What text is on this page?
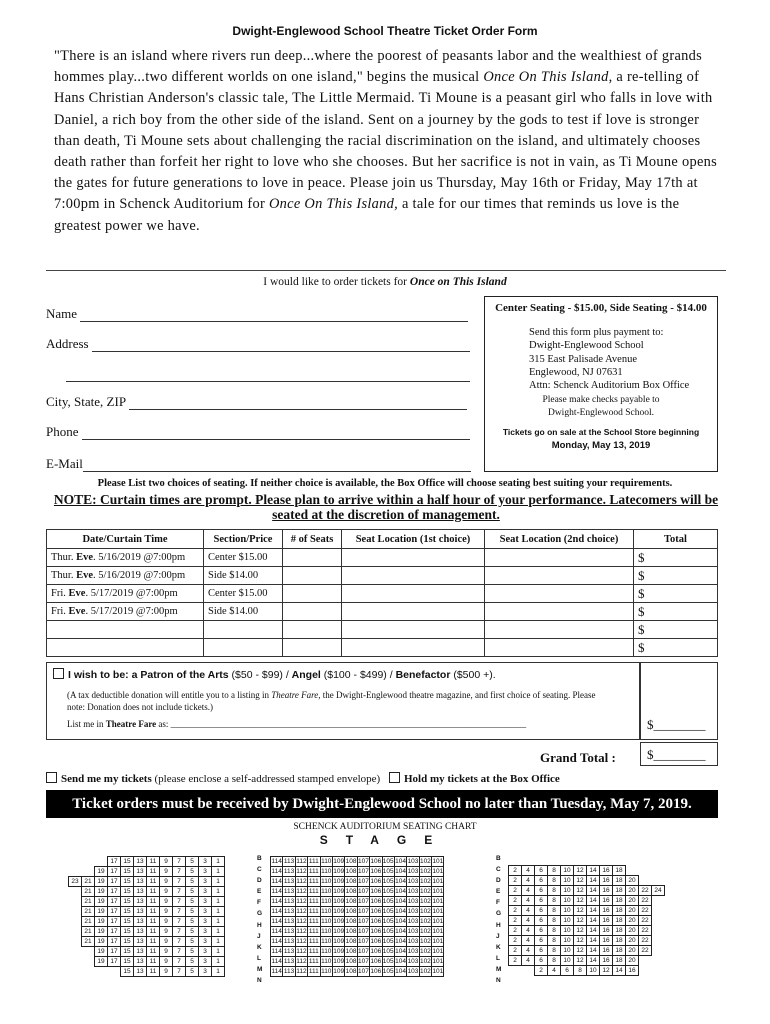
Dwight-Englewood School Theatre Ticket Order Form
"There is an island where rivers run deep...where the poorest of peasants labor and the wealthiest of grands hommes play...two different worlds on one island," begins the musical Once On This Island, a re-telling of Hans Christian Anderson's classic tale, The Little Mermaid. Ti Moune is a peasant girl who falls in love with Daniel, a rich boy from the other side of the island. Sent on a journey by the gods to test if love is stronger than death, Ti Moune sets about challenging the racial discrimination on the island, and ultimately chooses death rather than forfeit her right to love who she chooses. But her sacrifice is not in vain, as Ti Moune opens the gates for future generations to love in peace. Please join us Thursday, May 16th or Friday, May 17th at 7:00pm in Schenck Auditorium for Once On This Island, a tale for our times that reminds us love is the greatest power we have.
I would like to order tickets for Once on This Island
Name
Address
City, State, ZIP
Phone
E-Mail
Center Seating - $15.00, Side Seating - $14.00
Send this form plus payment to:
Dwight-Englewood School
315 East Palisade Avenue
Englewood, NJ 07631
Attn: Schenck Auditorium Box Office
Please make checks payable to
Dwight-Englewood School.
Tickets go on sale at the School Store beginning
Monday, May 13, 2019
Please List two choices of seating. If neither choice is available, the Box Office will choose seating best suiting your requirements.
NOTE: Curtain times are prompt. Please plan to arrive within a half hour of your performance. Latecomers will be seated at the discretion of management.
Date/Curtain Time	Section/Price	# of Seats	Seat Location (1st choice)	Seat Location (2nd choice)	Total
Thur. Eve. 5/16/2019 @7:00pm	Center $15.00				$
Thur. Eve. 5/16/2019 @7:00pm	Side $14.00				$
Fri. Eve. 5/17/2019 @7:00pm	Center $15.00				$
Fri. Eve. 5/17/2019 @7:00pm	Side $14.00				$
					$
					$
I wish to be: a Patron of the Arts ($50 - $99) / Angel ($100 - $499) / Benefactor ($500 +).
(A tax deductible donation will entitle you to a listing in Theatre Fare, the Dwight-Englewood theatre magazine, and first choice of seating. Please note: Donation does not include tickets.)
List me in Theatre Fare as: _______________________________________________________________________________	$________
Grand Total :	$________
Send me my tickets (please enclose a self-addressed stamped envelope) Hold my tickets at the Box Office
Ticket orders must be received by Dwight-Englewood School no later than Tuesday, May 7, 2019.
SCHENCK AUDITORIUM SEATING CHART
STAGE
			17	15	13	11	9	7	5	3	1
		19	17	15	13	11	9	7	5	3	1
23	21	19	17	15	13	11	9	7	5	3	1
	21	19	17	15	13	11	9	7	5	3	1
	21	19	17	15	13	11	9	7	5	3	1
	21	19	17	15	13	11	9	7	5	3	1
	21	19	17	15	13	11	9	7	5	3	1
	21	19	17	15	13	11	9	7	5	3	1
	21	19	17	15	13	11	9	7	5	3	1
		19	17	15	13	11	9	7	5	3	1
		19	17	15	13	11	9	7	5	3	1
				15	13	11	9	7	5	3	1
B
C
D
E
F
G
H
J
K
L
M
N
114	113	112	111	110	109	108	107	106	105	104	103	102	101
114	113	112	111	110	109	108	107	106	105	104	103	102	101
114	113	112	111	110	109	108	107	106	105	104	103	102	101
114	113	112	111	110	109	108	107	106	105	104	103	102	101
114	113	112	111	110	109	108	107	106	105	104	103	102	101
114	113	112	111	110	109	108	107	106	105	104	103	102	101
114	113	112	111	110	109	108	107	106	105	104	103	102	101
114	113	112	111	110	109	108	107	106	105	104	103	102	101
114	113	112	111	110	109	108	107	106	105	104	103	102	101
114	113	112	111	110	109	108	107	106	105	104	103	102	101
114	113	112	111	110	109	108	107	106	105	104	103	102	101
114	113	112	111	110	109	108	107	106	105	104	103	102	101
B
C
D
E
F
G
H
J
K
L
M
N

2	4	6	8	10	12	14	16	18			
2	4	6	8	10	12	14	16	18	20		
2	4	6	8	10	12	14	16	18	20	22	24
2	4	6	8	10	12	14	16	18	20	22	
2	4	6	8	10	12	14	16	18	20	22	
2	4	6	8	10	12	14	16	18	20	22	
2	4	6	8	10	12	14	16	18	20	22	
2	4	6	8	10	12	14	16	18	20	22	
2	4	6	8	10	12	14	16	18	20	22	
2	4	6	8	10	12	14	16	18	20		
		2	4	6	8	10	12	14	16		
